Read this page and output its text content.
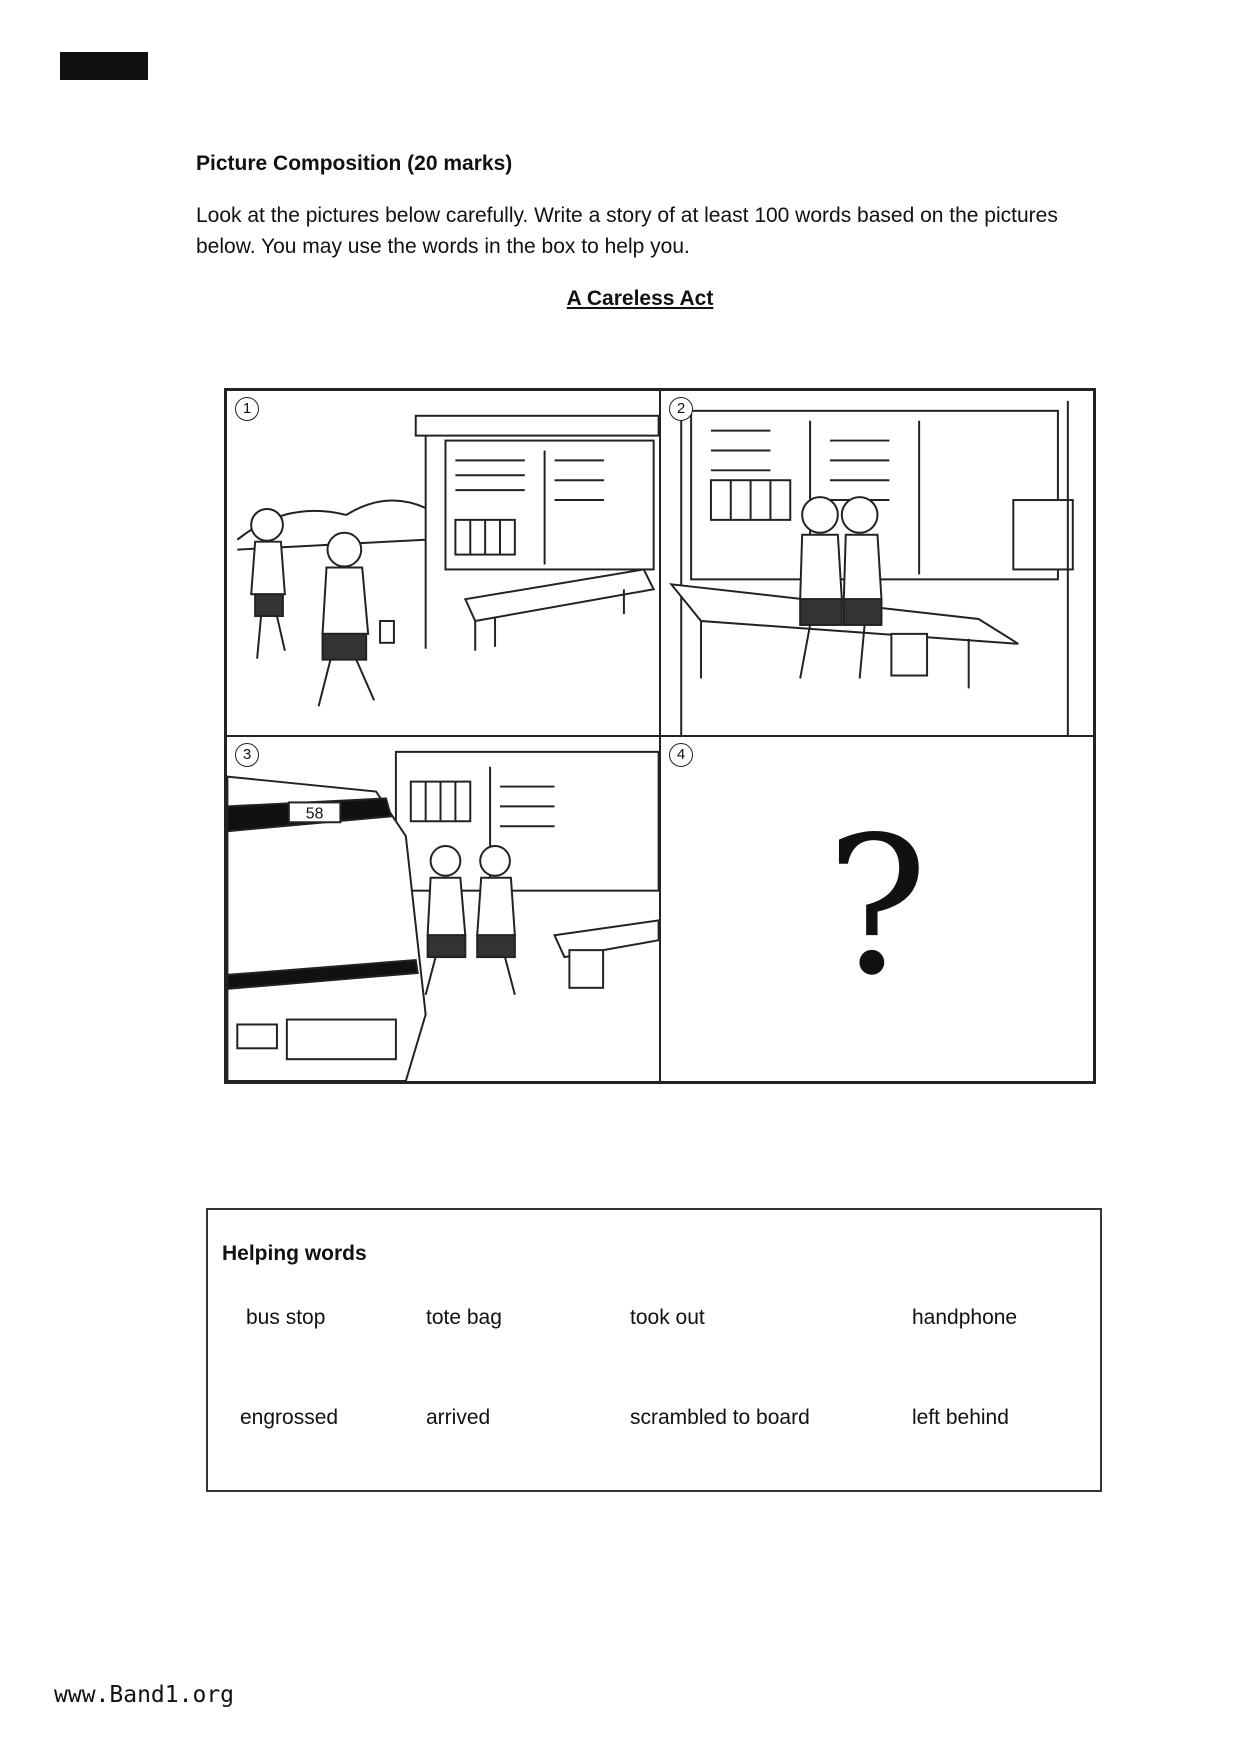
Picture Composition (20 marks)
Look at the pictures below carefully. Write a story of at least 100 words based on the pictures below. You may use the words in the box to help you.
A Careless Act
1	2
3
58
4
?
Helping words
bus stop	tote bag	took out	handphone
engrossed	arrived	scrambled to board	left behind
www.Band1.org
